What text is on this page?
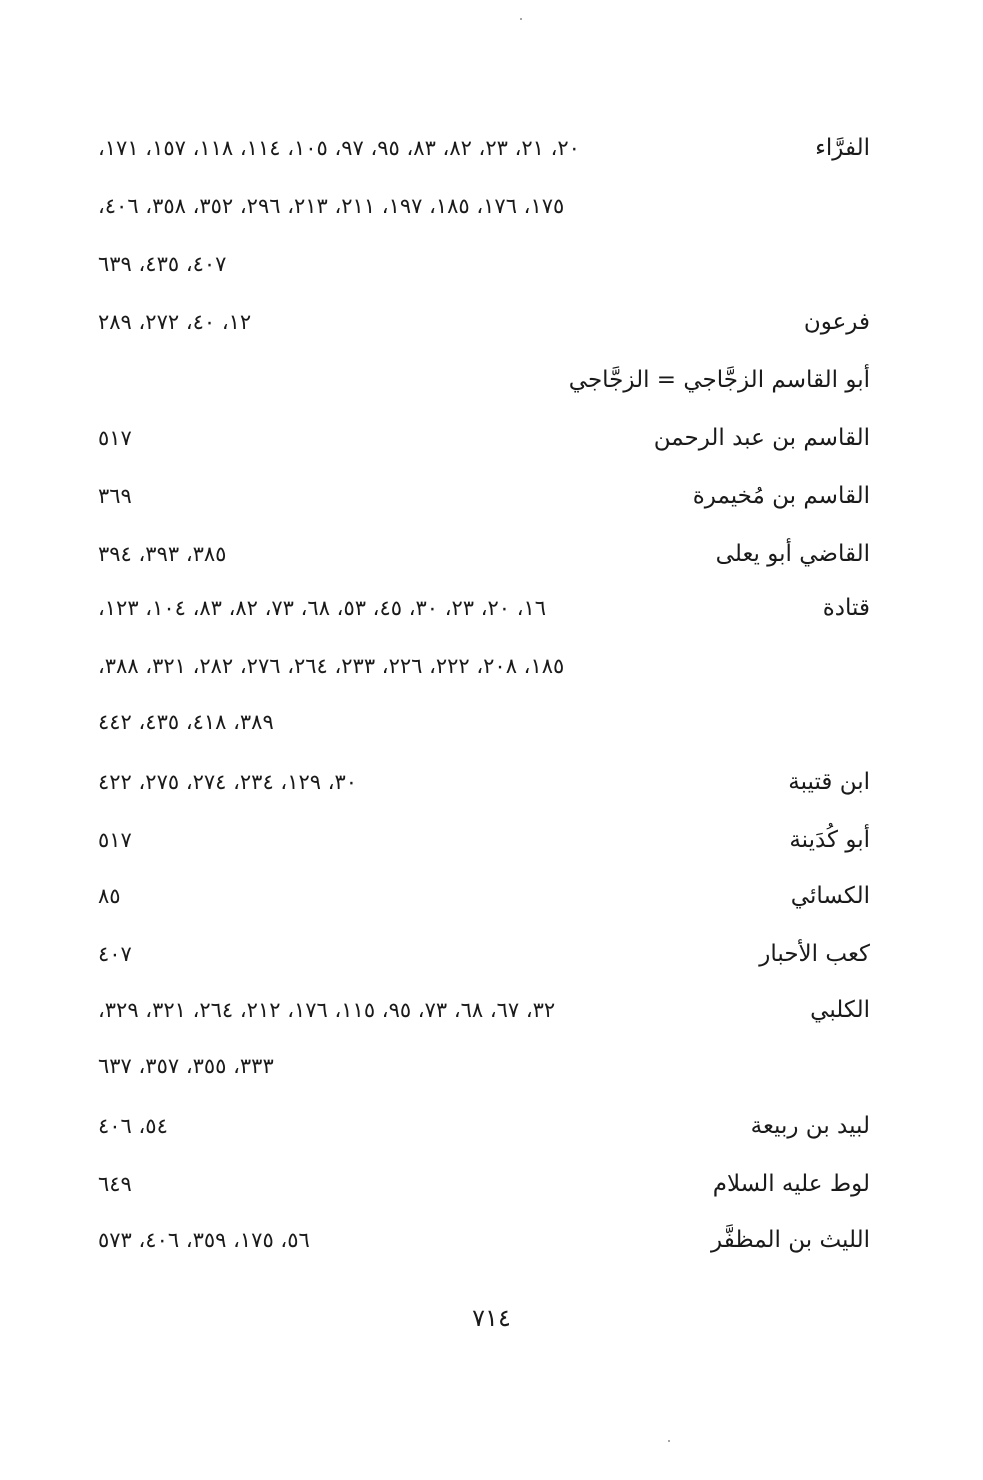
الفرَّاء
٢٠، ٢١، ٢٣، ٨٢، ٨٣، ٩٥، ٩٧، ١٠٥، ١١٤، ١١٨، ١٥٧، ١٧١،
١٧٥، ١٧٦، ١٨٥، ١٩٧، ٢١١، ٢١٣، ٢٩٦، ٣٥٢، ٣٥٨، ٤٠٦،
٤٠٧، ٤٣٥، ٦٣٩
فرعون
١٢، ٤٠، ٢٧٢، ٢٨٩
أبو القاسم الزجَّاجي = الزجَّاجي
القاسم بن عبد الرحمن
٥١٧
القاسم بن مُخيمرة
٣٦٩
القاضي أبو يعلى
٣٨٥، ٣٩٣، ٣٩٤
قتادة
١٦، ٢٠، ٢٣، ٣٠، ٤٥، ٥٣، ٦٨، ٧٣، ٨٢، ٨٣، ١٠٤، ١٢٣،
١٨٥، ٢٠٨، ٢٢٢، ٢٢٦، ٢٣٣، ٢٦٤، ٢٧٦، ٢٨٢، ٣٢١، ٣٨٨،
٣٨٩، ٤١٨، ٤٣٥، ٤٤٢
ابن قتيبة
٣٠، ١٢٩، ٢٣٤، ٢٧٤، ٢٧٥، ٤٢٢
أبو كُدَينة
٥١٧
الكسائي
٨٥
كعب الأحبار
٤٠٧
الكلبي
٣٢، ٦٧، ٦٨، ٧٣، ٩٥، ١١٥، ١٧٦، ٢١٢، ٢٦٤، ٣٢١، ٣٢٩،
٣٣٣، ٣٥٥، ٣٥٧، ٦٣٧
لبيد بن ربيعة
٥٤، ٤٠٦
لوط عليه السلام
٦٤٩
الليث بن المظفَّر
٥٦، ١٧٥، ٣٥٩، ٤٠٦، ٥٧٣
٧١٤
